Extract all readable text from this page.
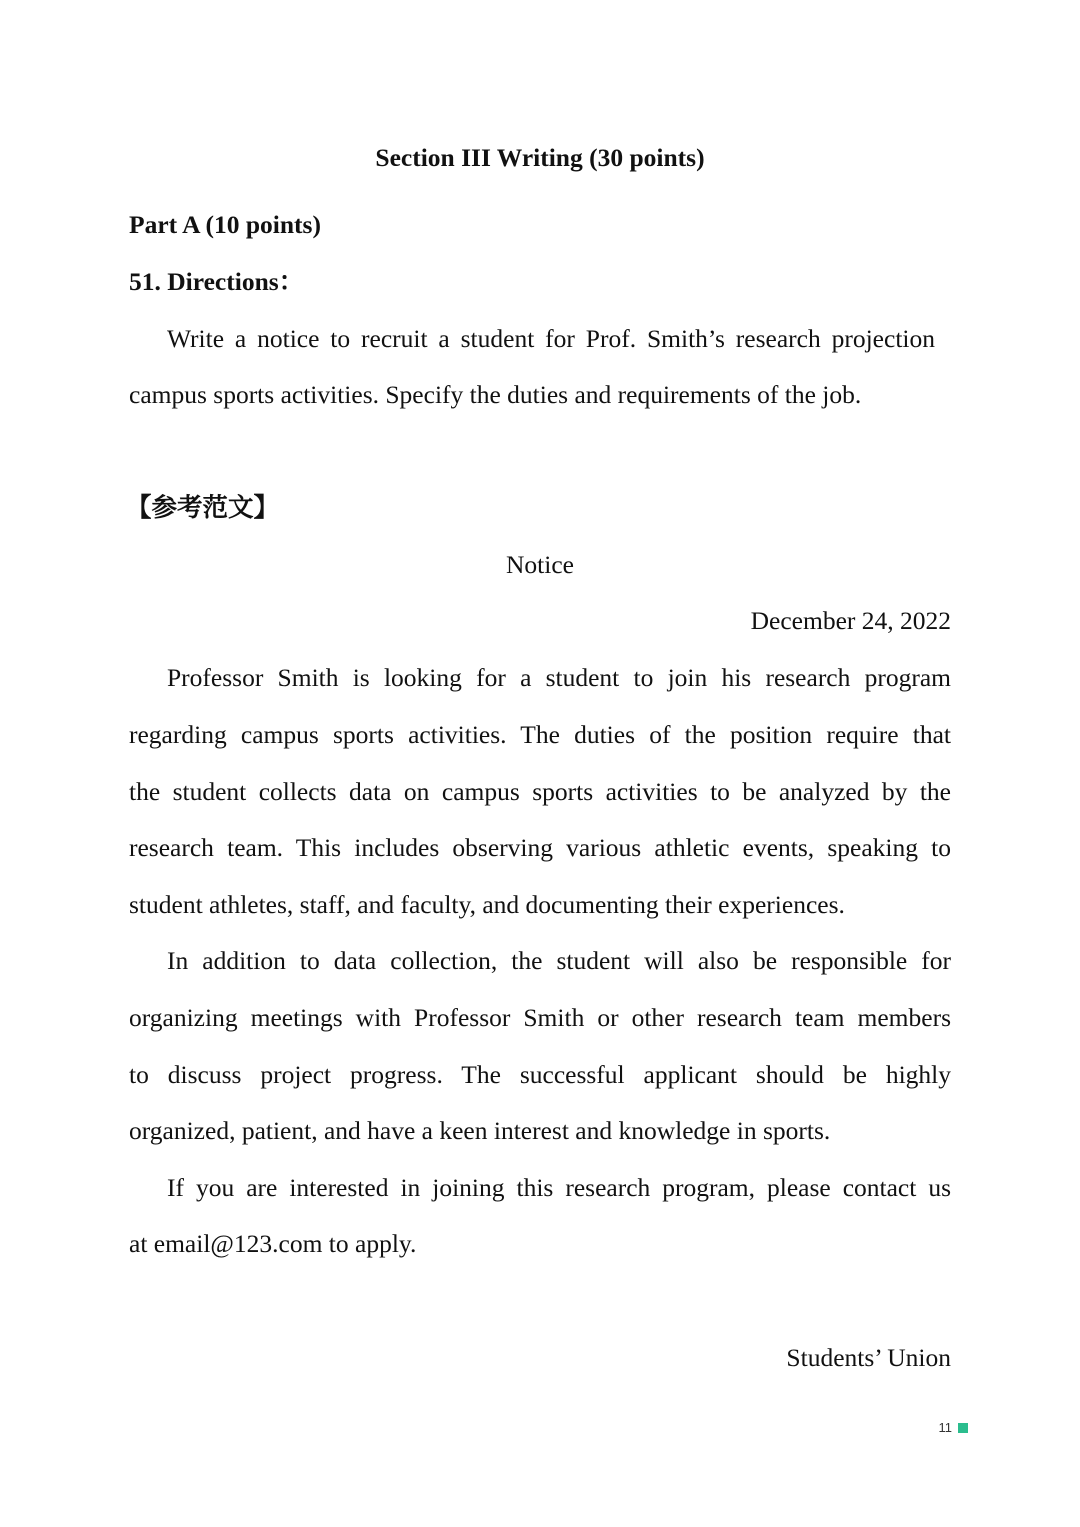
Section III Writing (30 points)
Part A (10 points)
51. Directions：
Write a notice to recruit a student for Prof. Smith’s research projection
campus sports activities. Specify the duties and requirements of the job.
【参考范文】
Notice
December 24, 2022
Professor Smith is looking for a student to join his research program
regarding campus sports activities. The duties of the position require that
the student collects data on campus sports activities to be analyzed by the
research team. This includes observing various athletic events, speaking to
student athletes, staff, and faculty, and documenting their experiences.
In addition to data collection, the student will also be responsible for
organizing meetings with Professor Smith or other research team members
to discuss project progress. The successful applicant should be highly
organized, patient, and have a keen interest and knowledge in sports.
If you are interested in joining this research program, please contact us
at email@123.com to apply.
Students’ Union
11
